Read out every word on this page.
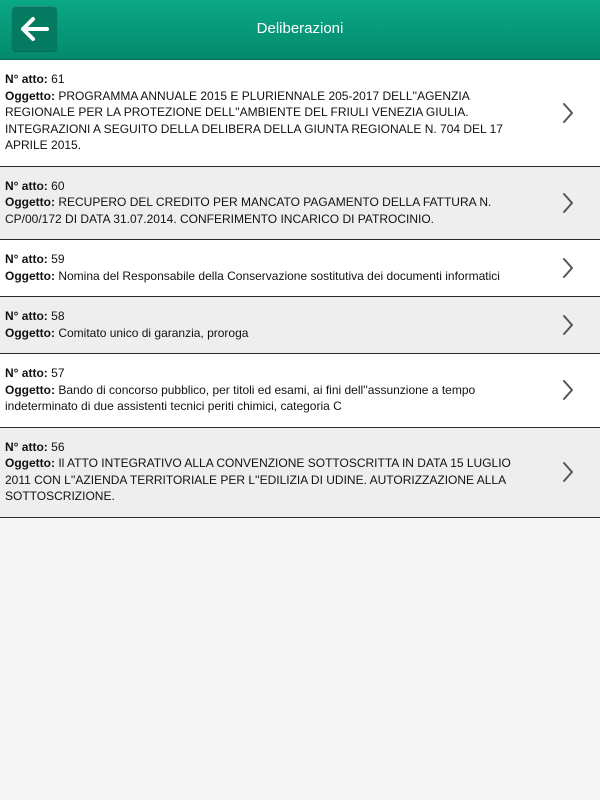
Deliberazioni
N° atto: 61
Oggetto: PROGRAMMA ANNUALE 2015 E PLURIENNALE 205-2017 DELL''AGENZIA REGIONALE PER LA PROTEZIONE DELL''AMBIENTE DEL FRIULI VENEZIA GIULIA. INTEGRAZIONI A SEGUITO DELLA DELIBERA DELLA GIUNTA REGIONALE N. 704 DEL 17 APRILE 2015.
N° atto: 60
Oggetto: RECUPERO DEL CREDITO PER MANCATO PAGAMENTO DELLA FATTURA N. CP/00/172 DI DATA 31.07.2014. CONFERIMENTO INCARICO DI PATROCINIO.
N° atto: 59
Oggetto: Nomina del Responsabile della Conservazione sostitutiva dei documenti informatici
N° atto: 58
Oggetto: Comitato unico di garanzia, proroga
N° atto: 57
Oggetto: Bando di concorso pubblico, per titoli ed esami, ai fini dell''assunzione a tempo indeterminato di due assistenti tecnici periti chimici, categoria C
N° atto: 56
Oggetto: Il ATTO INTEGRATIVO ALLA CONVENZIONE SOTTOSCRITTA IN DATA 15 LUGLIO 2011 CON L''AZIENDA TERRITORIALE PER L''EDILIZIA DI UDINE. AUTORIZZAZIONE ALLA SOTTOSCRIZIONE.
